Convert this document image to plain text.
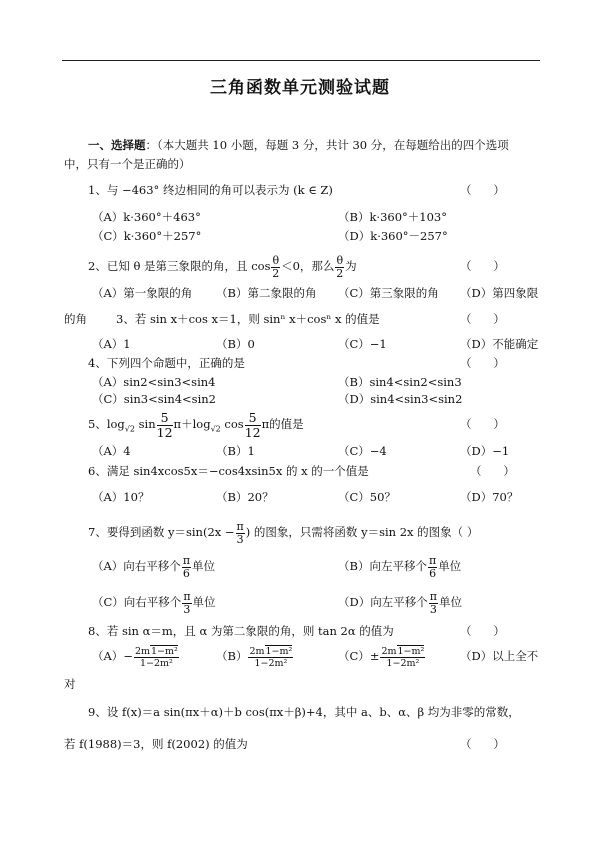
三角函数单元测验试题
一、选择题：（本大题共 10 小题，每题 3 分，共计 30 分，在每题给出的四个选项
中，只有一个是正确的）
1、与 −463° 终边相同的角可以表示为 (k ∈ Z)	（      ）
（A）k·360°＋463°	（B）k·360°＋103°
（C）k·360°＋257°	（D）k·360°－257°
2、已知 θ 是第三象限的角，且 $\cos \frac{\theta}{2} <0$，那么 $\frac{\theta}{2}$ 为	（      ）
（A）第一象限的角 （B）第二象限的角 （C）第三象限的角 （D）第四象限
的角	3、若 sin x＋cos x＝1，则 sinⁿ x＋cosⁿ x 的值是	（      ）
（A）1	（B）0	（C）−1	（D）不能确定
4、下列四个命题中，正确的是	（      ）
（A）sin2<sin3<sin4	（B）sin4<sin2<sin3
（C）sin3<sin4<sin2	（D）sin4<sin3<sin2
5、$\log_{√2} \sin \frac{5}{12} \pi+\log_{√2}$ $\cos \frac{5}{12}$ π的值是	（      ）
（A）4	（B）1	（C）−4	（D）−1
6、满足 sin4xcos5x＝−cos4xsin5x 的 x 的一个值是	（      ）
（A）10？	（B）20？	（C）50？	（D）70？
7、要得到函数 $y=\sin(2x - \frac{\pi}{3}$ ) 的图象，只需将函数 y＝sin 2x 的图象（ ）
（A）向右平移个 $\frac{\pi}{6}$ 单位	（B）向左平移个 $\frac{\pi}{6}$ 单位
（C）向右平移个 $\frac{\pi}{3}$ 单位	（D）向左平移个 $\frac{\pi}{3}$ 单位
8、若 sin α＝m，且 α 为第二象限的角，则 tan 2α 的值为	（      ）
$(A)- \frac{\text{2m1−m²}}{\text{1−2m²}}$	$(B) \frac{\text{2m1−m²}}{\text{1−2m²}}$	$(C)\pm \frac{\text{2m1−m²}}{\text{1−2m²}}$	（D）以上全不
对
9、设 f(x)＝a sin(πx＋α)＋b cos(πx＋β)+4，其中 a、b、α、β 均为非零的常数，
若 f(1988)＝3，则 f(2002) 的值为	（      ）
